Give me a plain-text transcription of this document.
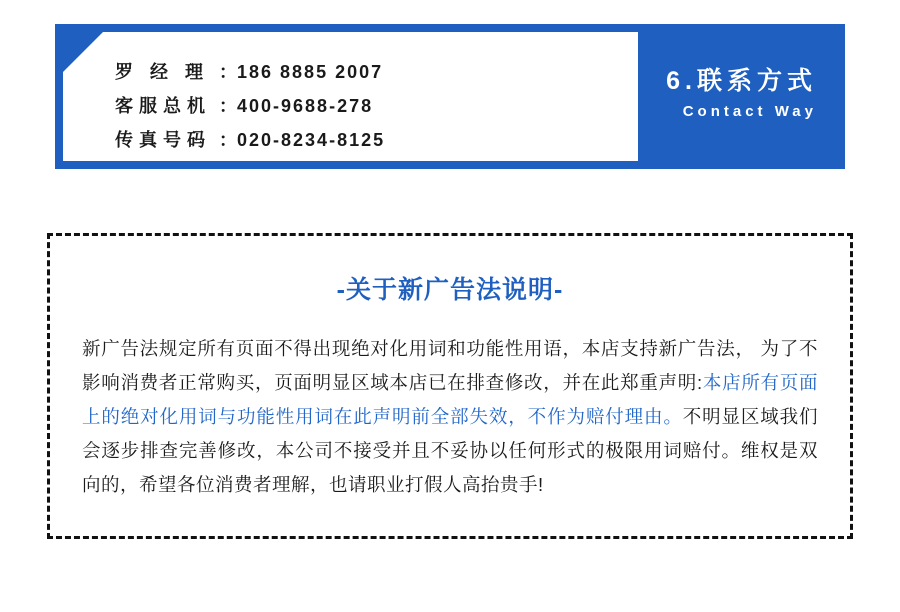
罗 经 理 ：
186 8885 2007
客服总机 ：
400-9688-278
传真号码 ：
020-8234-8125
6.联系方式
Contact Way
-关于新广告法说明-
新广告法规定所有页面不得出现绝对化用词和功能性用语，本店支持新广告法， 为了不影响消费者正常购买，页面明显区域本店已在排查修改，并在此郑重声明:本店所有页面上的绝对化用词与功能性用词在此声明前全部失效，不作为赔付理由。不明显区域我们会逐步排查完善修改，本公司不接受并且不妥协以任何形式的极限用词赔付。维权是双向的，希望各位消费者理解，也请职业打假人高抬贵手!
